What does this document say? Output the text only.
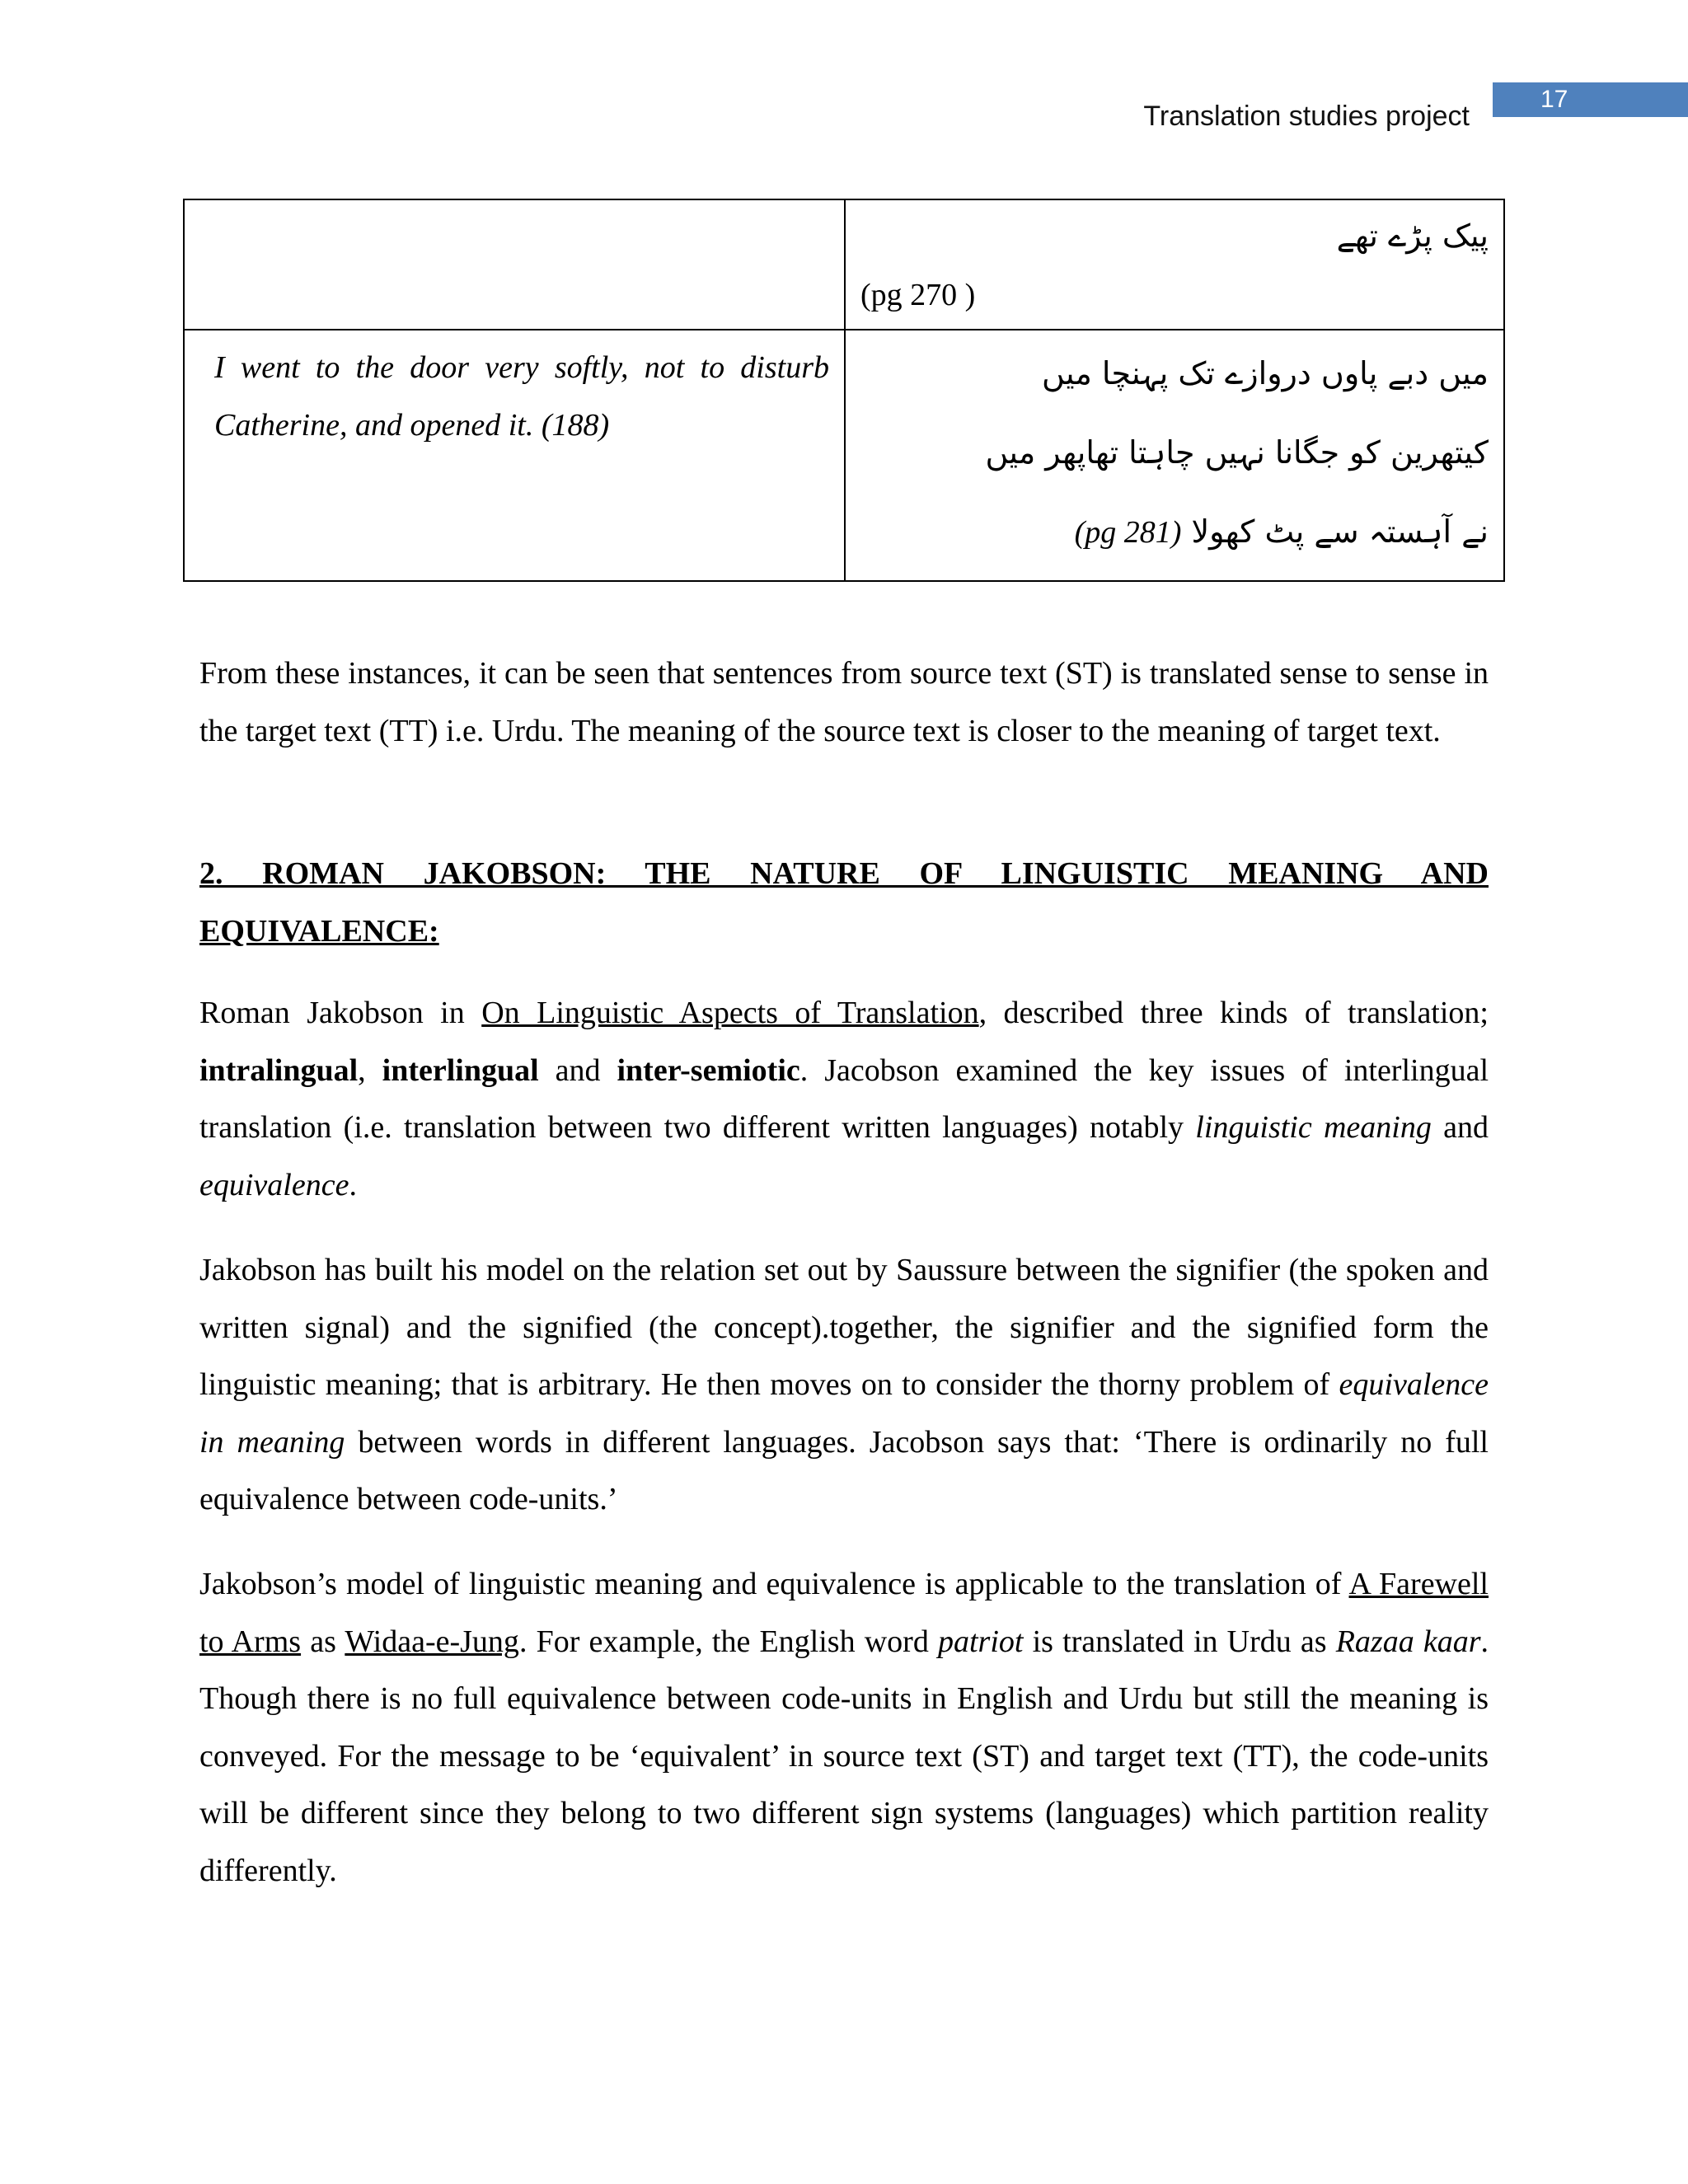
Translation studies project
17

	پیک پڑے تھے
(pg 270 )

I went to the door very softly, not to disturb Catherine, and opened it. (188)	میں دبے پاوں دروازے تک پہنچا میں
کیتھرین کو جگانا نہیں چاہتا تھاپھر میں
نے آہستہ سے پٹ کھولا (pg 281)

From these instances, it can be seen that sentences from source text (ST) is translated sense to sense in the target text (TT) i.e. Urdu. The meaning of the source text is closer to the meaning of target text.

2. ROMAN JAKOBSON: THE NATURE OF LINGUISTIC MEANING AND
EQUIVALENCE:

Roman Jakobson in On Linguistic Aspects of Translation, described three kinds of translation; intralingual, interlingual and inter-semiotic. Jacobson examined the key issues of interlingual translation (i.e. translation between two different written languages) notably linguistic meaning and equivalence.

Jakobson has built his model on the relation set out by Saussure between the signifier (the spoken and written signal) and the signified (the concept).together, the signifier and the signified form the linguistic meaning; that is arbitrary. He then moves on to consider the thorny problem of equivalence in meaning between words in different languages. Jacobson says that: ‘There is ordinarily no full equivalence between code-units.’

Jakobson’s model of linguistic meaning and equivalence is applicable to the translation of A Farewell to Arms as Widaa-e-Jung. For example, the English word patriot is translated in Urdu as Razaa kaar. Though there is no full equivalence between code-units in English and Urdu but still the meaning is conveyed. For the message to be ‘equivalent’ in source text (ST) and target text (TT), the code-units will be different since they belong to two different sign systems (languages) which partition reality differently.
